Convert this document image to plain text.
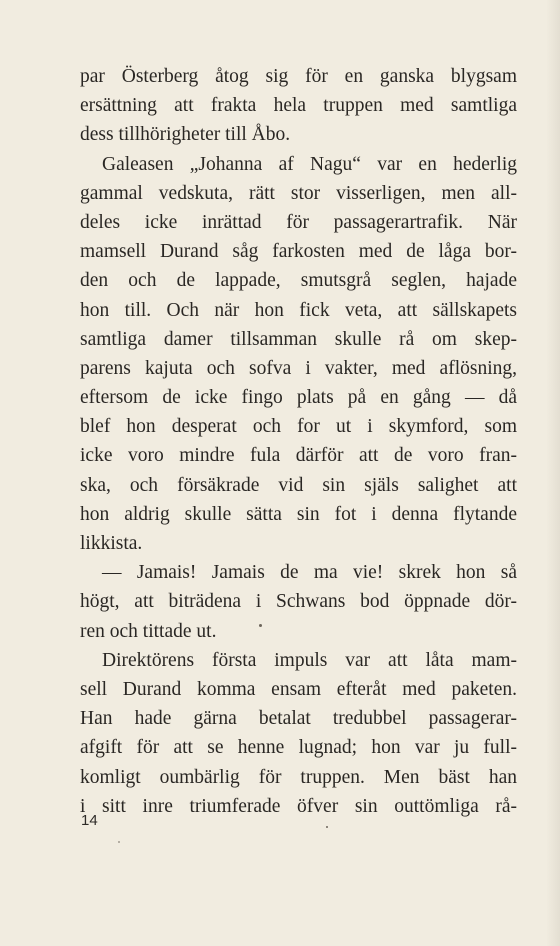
par Österberg åtog sig för en ganska blygsam
ersättning att frakta hela truppen med samtliga
dess tillhörigheter till Åbo.
Galeasen „Johanna af Nagu“ var en hederlig
gammal vedskuta, rätt stor visserligen, men all-
deles icke inrättad för passagerartrafik. När
mamsell Durand såg farkosten med de låga bor-
den och de lappade, smutsgrå seglen, hajade
hon till. Och när hon fick veta, att sällskapets
samtliga damer tillsamman skulle rå om skep-
parens kajuta och sofva i vakter, med aflösning,
eftersom de icke fingo plats på en gång — då
blef hon desperat och for ut i skymford, som
icke voro mindre fula därför att de voro fran-
ska, och försäkrade vid sin själs salighet att
hon aldrig skulle sätta sin fot i denna flytande
likkista.
— Jamais! Jamais de ma vie! skrek hon så
högt, att biträdena i Schwans bod öppnade dör-
ren och tittade ut.
Direktörens första impuls var att låta mam-
sell Durand komma ensam efteråt med paketen.
Han hade gärna betalat tredubbel passagerar-
afgift för att se henne lugnad; hon var ju full-
komligt oumbärlig för truppen. Men bäst han
i sitt inre triumferade öfver sin outtömliga rå-
14
